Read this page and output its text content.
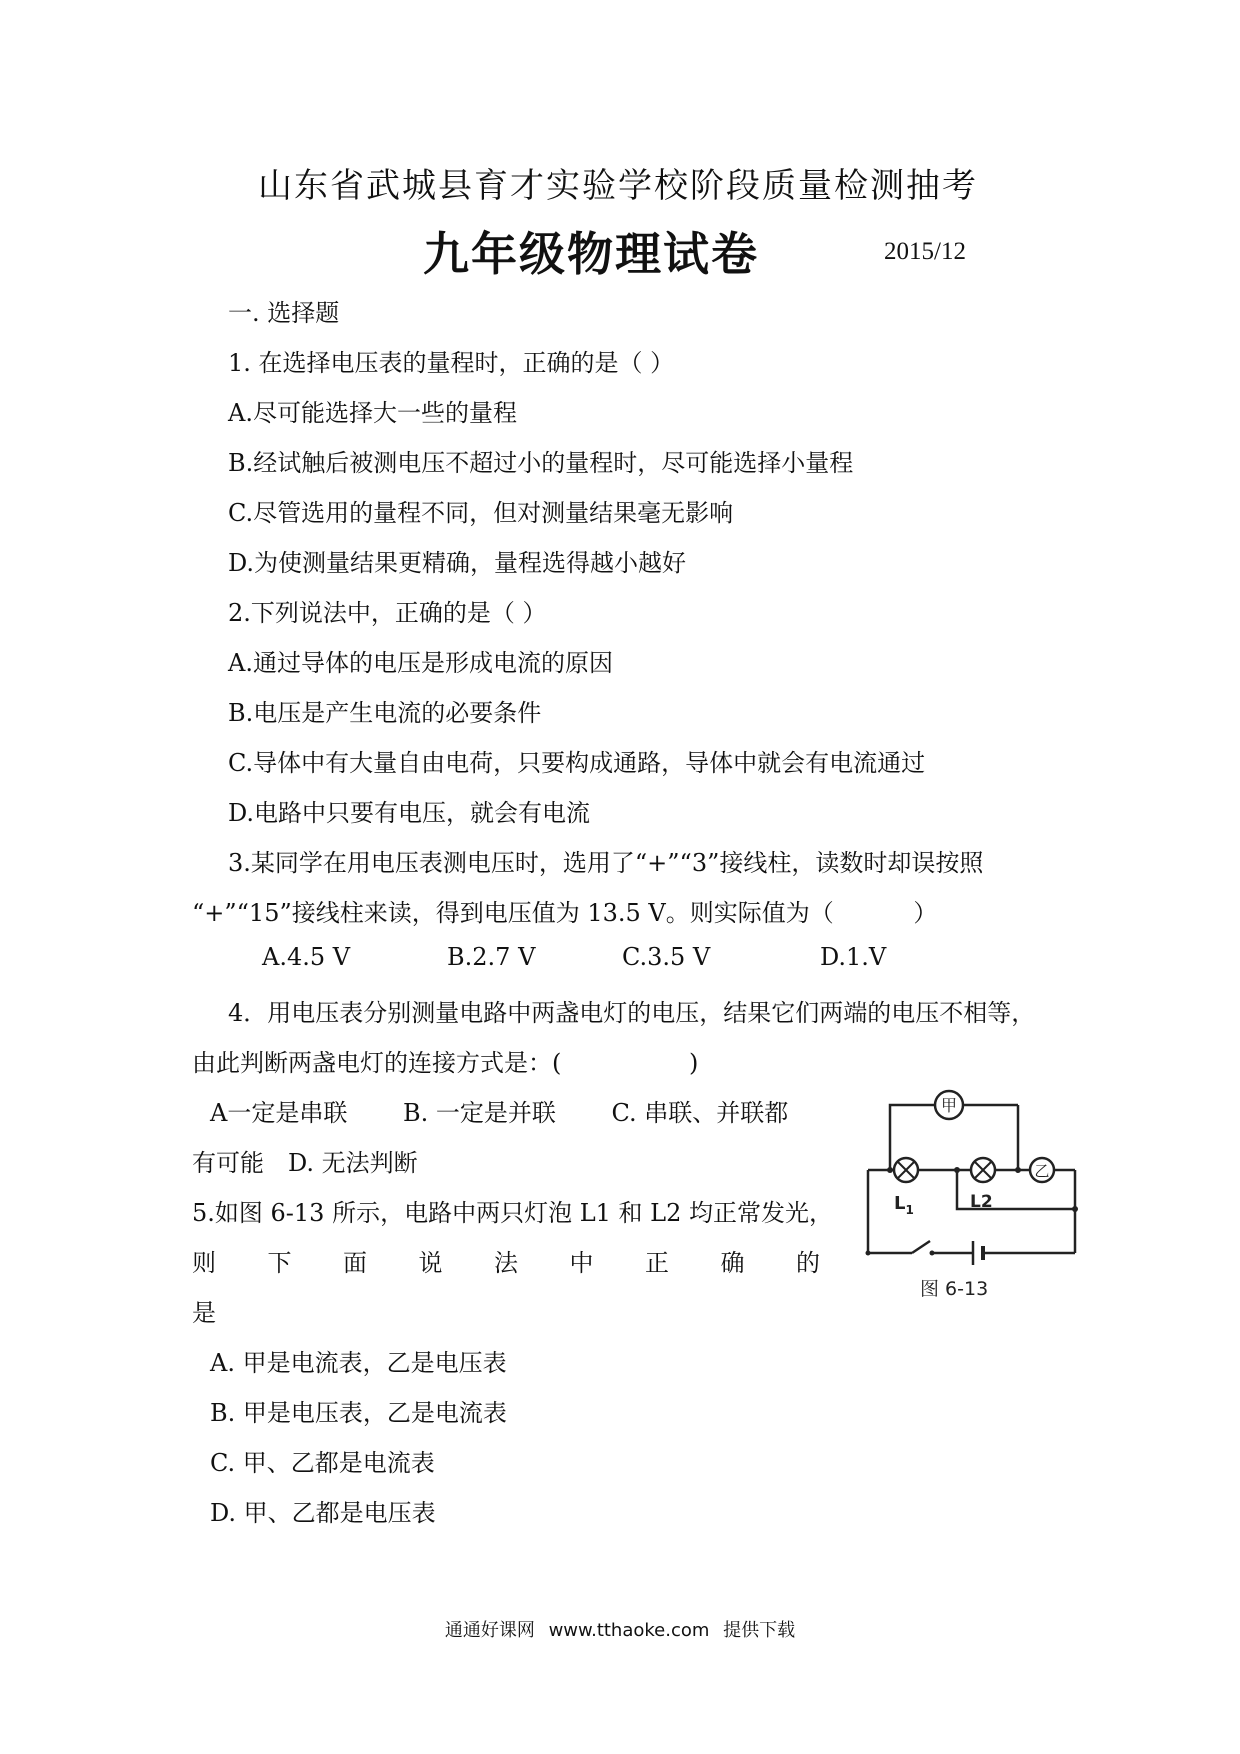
山东省武城县育才实验学校阶段质量检测抽考
九年级物理试卷	2015/12
一. 选择题
1. 在选择电压表的量程时，正确的是（ ）
A.尽可能选择大一些的量程
B.经试触后被测电压不超过小的量程时，尽可能选择小量程
C.尽管选用的量程不同，但对测量结果毫无影响
D.为使测量结果更精确，量程选得越小越好
2.下列说法中，正确的是（ ）
A.通过导体的电压是形成电流的原因
B.电压是产生电流的必要条件
C.导体中有大量自由电荷，只要构成通路，导体中就会有电流通过
D.电路中只要有电压，就会有电流
3.某同学在用电压表测电压时，选用了“+”“3”接线柱，读数时却误按照
“+”“15”接线柱来读，得到电压值为 13.5 V。则实际值为（　　　 ）
A.4.5 V	B.2.7 V	C.3.5 V	D.1.V
4．用电压表分别测量电路中两盏电灯的电压，结果它们两端的电压不相等，
由此判断两盏电灯的连接方式是：(　　　　　 )
A一定是串联　　 B. 一定是并联　　 C. 串联、并联都
有可能　D. 无法判断
5.如图 6-13 所示，电路中两只灯泡 L1 和 L2 均正常发光，
则 下 面 说 法 中 正 确 的
是
A. 甲是电流表，乙是电压表
B. 甲是电压表，乙是电流表
C. 甲、乙都是电流表
D. 甲、乙都是电压表
甲
乙
$L_1$	L2
图 6-13
通通好课网 www.tthaoke.com 提供下载
